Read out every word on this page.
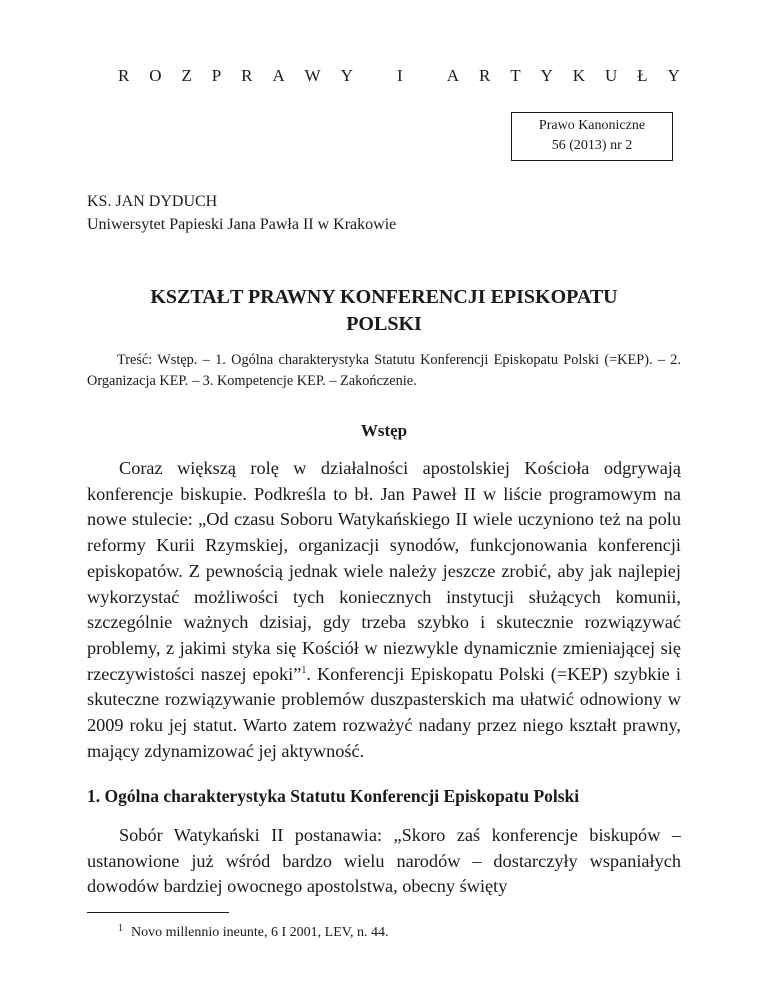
R O Z P R A W Y
	I
	A R T Y K U Ł Y
Prawo Kanoniczne
56 (2013) nr 2
KS. JAN DYDUCH
Uniwersytet Papieski Jana Pawła II w Krakowie
KSZTAŁT PRAWNY KONFERENCJI EPISKOPATU
POLSKI
Treść: Wstęp. – 1. Ogólna charakterystyka Statutu Konferencji Episkopatu Polski (=KEP). – 2. Organizacja KEP. – 3. Kompetencje KEP. – Zakończenie.
Wstęp

Coraz większą rolę w działalności apostolskiej Kościoła odgrywają konferencje biskupie. Podkreśla to bł. Jan Paweł II w liście programowym na nowe stulecie: „Od czasu Soboru Watykańskiego II wiele uczyniono też na polu reformy Kurii Rzymskiej, organizacji synodów, funkcjonowania konferencji episkopatów. Z pewnością jednak wiele należy jeszcze zrobić, aby jak najlepiej wykorzystać możliwości tych koniecznych instytucji służących komunii, szczególnie ważnych dzisiaj, gdy trzeba szybko i skutecznie rozwiązywać problemy, z jakimi styka się Kościół w niezwykle dynamicznie zmieniającej się rzeczywistości naszej epoki”$^1$. Konferencji Episkopatu Polski (=KEP) szybkie i skuteczne rozwiązywanie problemów duszpasterskich ma ułatwić odnowiony w 2009 roku jej statut. Warto zatem rozważyć nadany przez niego kształt prawny, mający zdynamizować jej aktywność.

1. Ogólna charakterystyka Statutu Konferencji Episkopatu Polski

Sobór Watykański II postanawia: „Skoro zaś konferencje biskupów – ustanowione już wśród bardzo wielu narodów – dostarczyły wspaniałych dowodów bardziej owocnego apostolstwa, obecny święty

$^1$ Novo millennio ineunte, 6 I 2001, LEV, n. 44.
